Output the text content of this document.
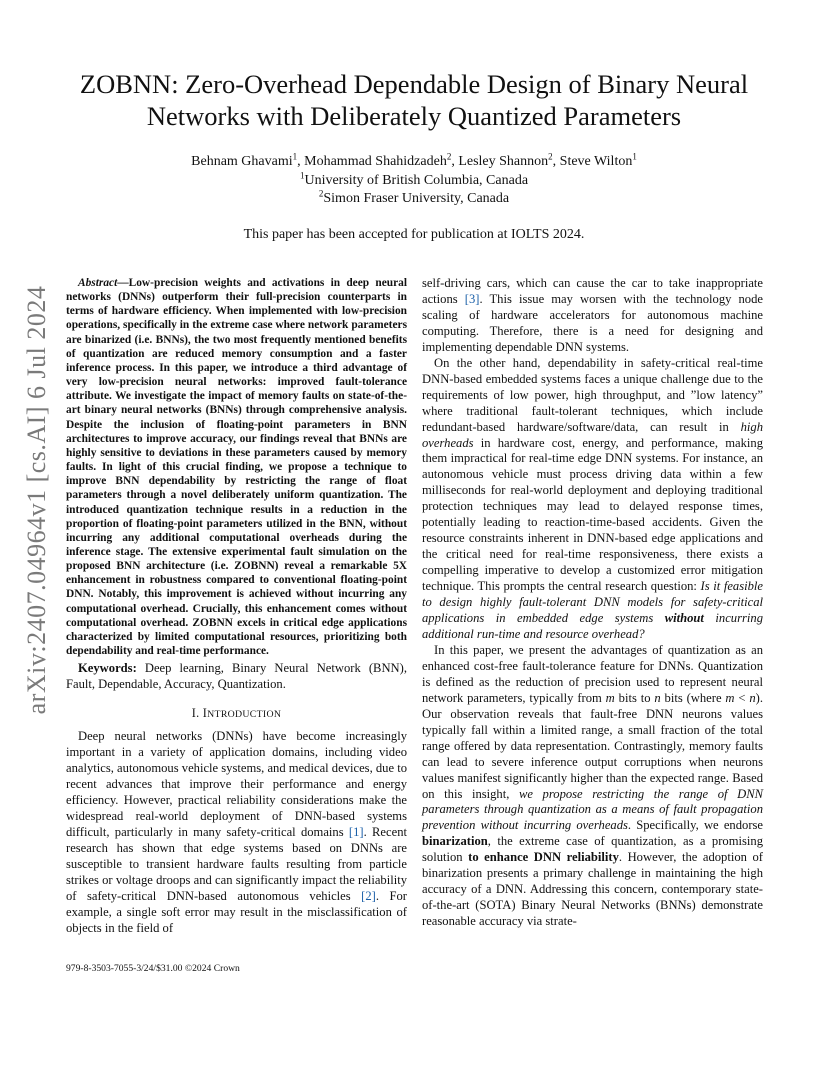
arXiv:2407.04964v1 [cs.AI] 6 Jul 2024
ZOBNN: Zero-Overhead Dependable Design of Binary Neural
Networks with Deliberately Quantized Parameters
Behnam Ghavami$^1$, Mohammad Shahidzadeh$^2$, Lesley Shannon$^2$, Steve Wilton$^1$
$^1$University of British Columbia, Canada
$^2$Simon Fraser University, Canada
This paper has been accepted for publication at IOLTS 2024.

Abstract—Low-precision weights and activations in deep neural networks (DNNs) outperform their full-precision counterparts in terms of hardware efficiency. When implemented with low-precision operations, specifically in the extreme case where network parameters are binarized (i.e. BNNs), the two most frequently mentioned benefits of quantization are reduced memory consumption and a faster inference process. In this paper, we introduce a third advantage of very low-precision neural networks: improved fault-tolerance attribute. We investigate the impact of memory faults on state-of-the-art binary neural networks (BNNs) through comprehensive analysis. Despite the inclusion of floating-point parameters in BNN architectures to improve accuracy, our findings reveal that BNNs are highly sensitive to deviations in these parameters caused by memory faults. In light of this crucial finding, we propose a technique to improve BNN dependability by restricting the range of float parameters through a novel deliberately uniform quantization. The introduced quantization technique results in a reduction in the proportion of floating-point parameters utilized in the BNN, without incurring any additional computational overheads during the inference stage. The extensive experimental fault simulation on the proposed BNN architecture (i.e. ZOBNN) reveal a remarkable 5X enhancement in robustness compared to conventional floating-point DNN. Notably, this improvement is achieved without incurring any computational overhead. Crucially, this enhancement comes without computational overhead. ZOBNN excels in critical edge applications characterized by limited computational resources, prioritizing both dependability and real-time performance.

Keywords: Deep learning, Binary Neural Network (BNN), Fault, Dependable, Accuracy, Quantization.

I. INTRODUCTION

Deep neural networks (DNNs) have become increasingly important in a variety of application domains, including video analytics, autonomous vehicle systems, and medical devices, due to recent advances that improve their performance and energy efficiency. However, practical reliability considerations make the widespread real-world deployment of DNN-based systems difficult, particularly in many safety-critical domains [1]. Recent research has shown that edge systems based on DNNs are susceptible to transient hardware faults resulting from particle strikes or voltage droops and can significantly impact the reliability of safety-critical DNN-based autonomous vehicles [2]. For example, a single soft error may result in the misclassification of objects in the field of

self-driving cars, which can cause the car to take inappropriate actions [3]. This issue may worsen with the technology node scaling of hardware accelerators for autonomous machine computing. Therefore, there is a need for designing and implementing dependable DNN systems.

On the other hand, dependability in safety-critical real-time DNN-based embedded systems faces a unique challenge due to the requirements of low power, high throughput, and ”low latency” where traditional fault-tolerant techniques, which include redundant-based hardware/software/data, can result in high overheads in hardware cost, energy, and performance, making them impractical for real-time edge DNN systems. For instance, an autonomous vehicle must process driving data within a few milliseconds for real-world deployment and deploying traditional protection techniques may lead to delayed response times, potentially leading to reaction-time-based accidents. Given the resource constraints inherent in DNN-based edge applications and the critical need for real-time responsiveness, there exists a compelling imperative to develop a customized error mitigation technique. This prompts the central research question: Is it feasible to design highly fault-tolerant DNN models for safety-critical applications in embedded edge systems without incurring additional run-time and resource overhead?

In this paper, we present the advantages of quantization as an enhanced cost-free fault-tolerance feature for DNNs. Quantization is defined as the reduction of precision used to represent neural network parameters, typically from m bits to n bits (where m < n). Our observation reveals that fault-free DNN neurons values typically fall within a limited range, a small fraction of the total range offered by data representation. Contrastingly, memory faults can lead to severe inference output corruptions when neurons values manifest significantly higher than the expected range. Based on this insight, we propose restricting the range of DNN parameters through quantization as a means of fault propagation prevention without incurring overheads. Specifically, we endorse binarization, the extreme case of quantization, as a promising solution to enhance DNN reliability. However, the adoption of binarization presents a primary challenge in maintaining the high accuracy of a DNN. Addressing this concern, contemporary state-of-the-art (SOTA) Binary Neural Networks (BNNs) demonstrate reasonable accuracy via strate-

979-8-3503-7055-3/24/$31.00 ©2024 Crown
